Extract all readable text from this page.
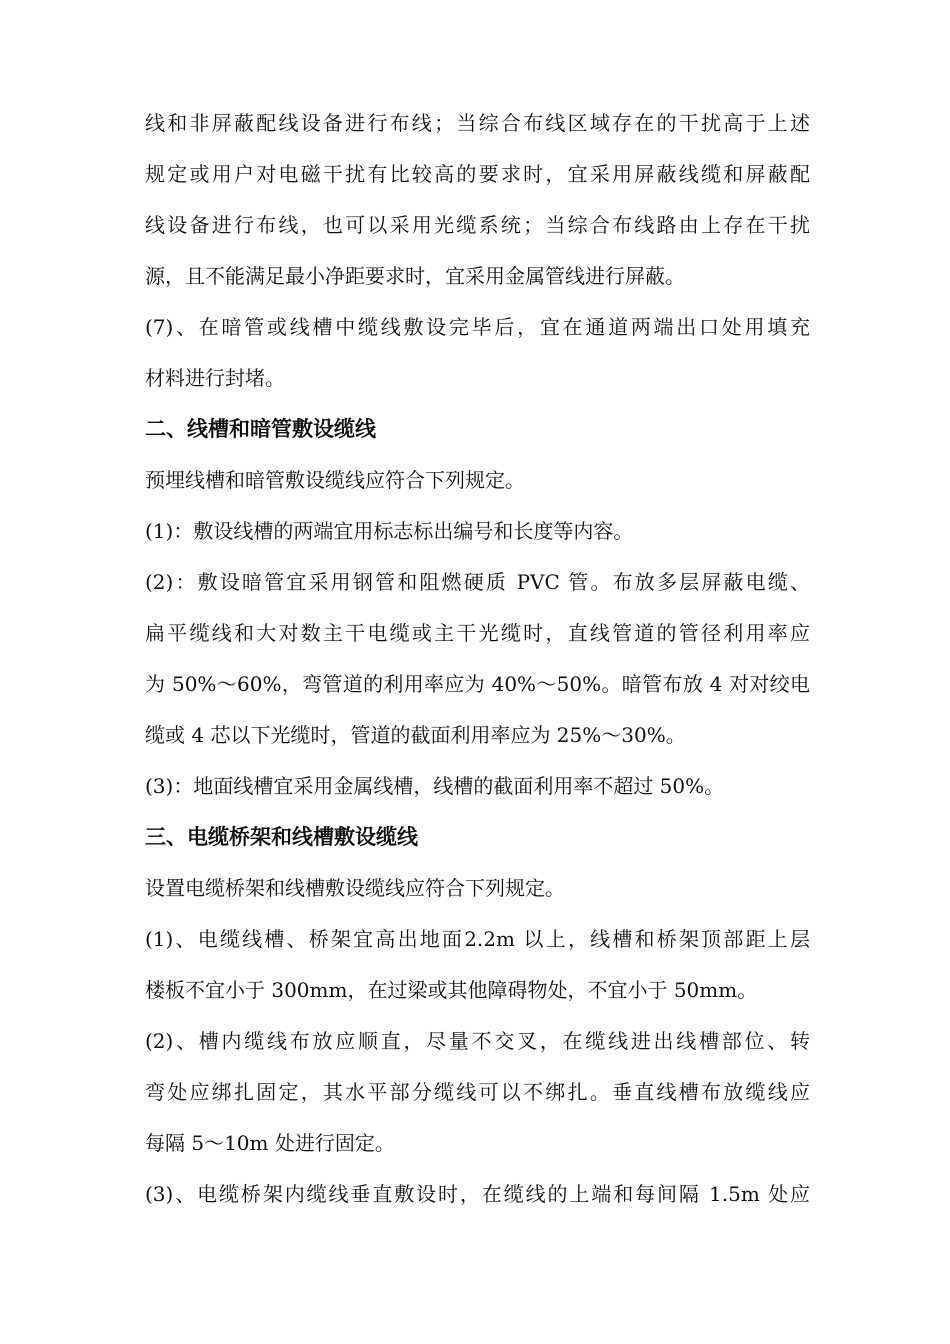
线和非屏蔽配线设备进行布线；当综合布线区域存在的干扰高于上述
规定或用户对电磁干扰有比较高的要求时，宜采用屏蔽线缆和屏蔽配
线设备进行布线，也可以采用光缆系统；当综合布线路由上存在干扰
源，且不能满足最小净距要求时，宜采用金属管线进行屏蔽。
(7)、在暗管或线槽中缆线敷设完毕后，宜在通道两端出口处用填充
材料进行封堵。
二、线槽和暗管敷设缆线
预埋线槽和暗管敷设缆线应符合下列规定。
(1)：敷设线槽的两端宜用标志标出编号和长度等内容。
(2)：敷设暗管宜采用钢管和阻燃硬质 PVC 管。布放多层屏蔽电缆、
扁平缆线和大对数主干电缆或主干光缆时，直线管道的管径利用率应
为 50%～60%，弯管道的利用率应为 40%～50%。暗管布放 4 对对绞电
缆或 4 芯以下光缆时，管道的截面利用率应为 25%～30%。
(3)：地面线槽宜采用金属线槽，线槽的截面利用率不超过 50%。
三、电缆桥架和线槽敷设缆线
设置电缆桥架和线槽敷设缆线应符合下列规定。
(1)、电缆线槽、桥架宜高出地面2.2m 以上，线槽和桥架顶部距上层
楼板不宜小于 300mm，在过梁或其他障碍物处，不宜小于 50mm。
(2)、槽内缆线布放应顺直，尽量不交叉，在缆线进出线槽部位、转
弯处应绑扎固定，其水平部分缆线可以不绑扎。垂直线槽布放缆线应
每隔 5～10m 处进行固定。
(3)、电缆桥架内缆线垂直敷设时，在缆线的上端和每间隔 1.5m 处应
